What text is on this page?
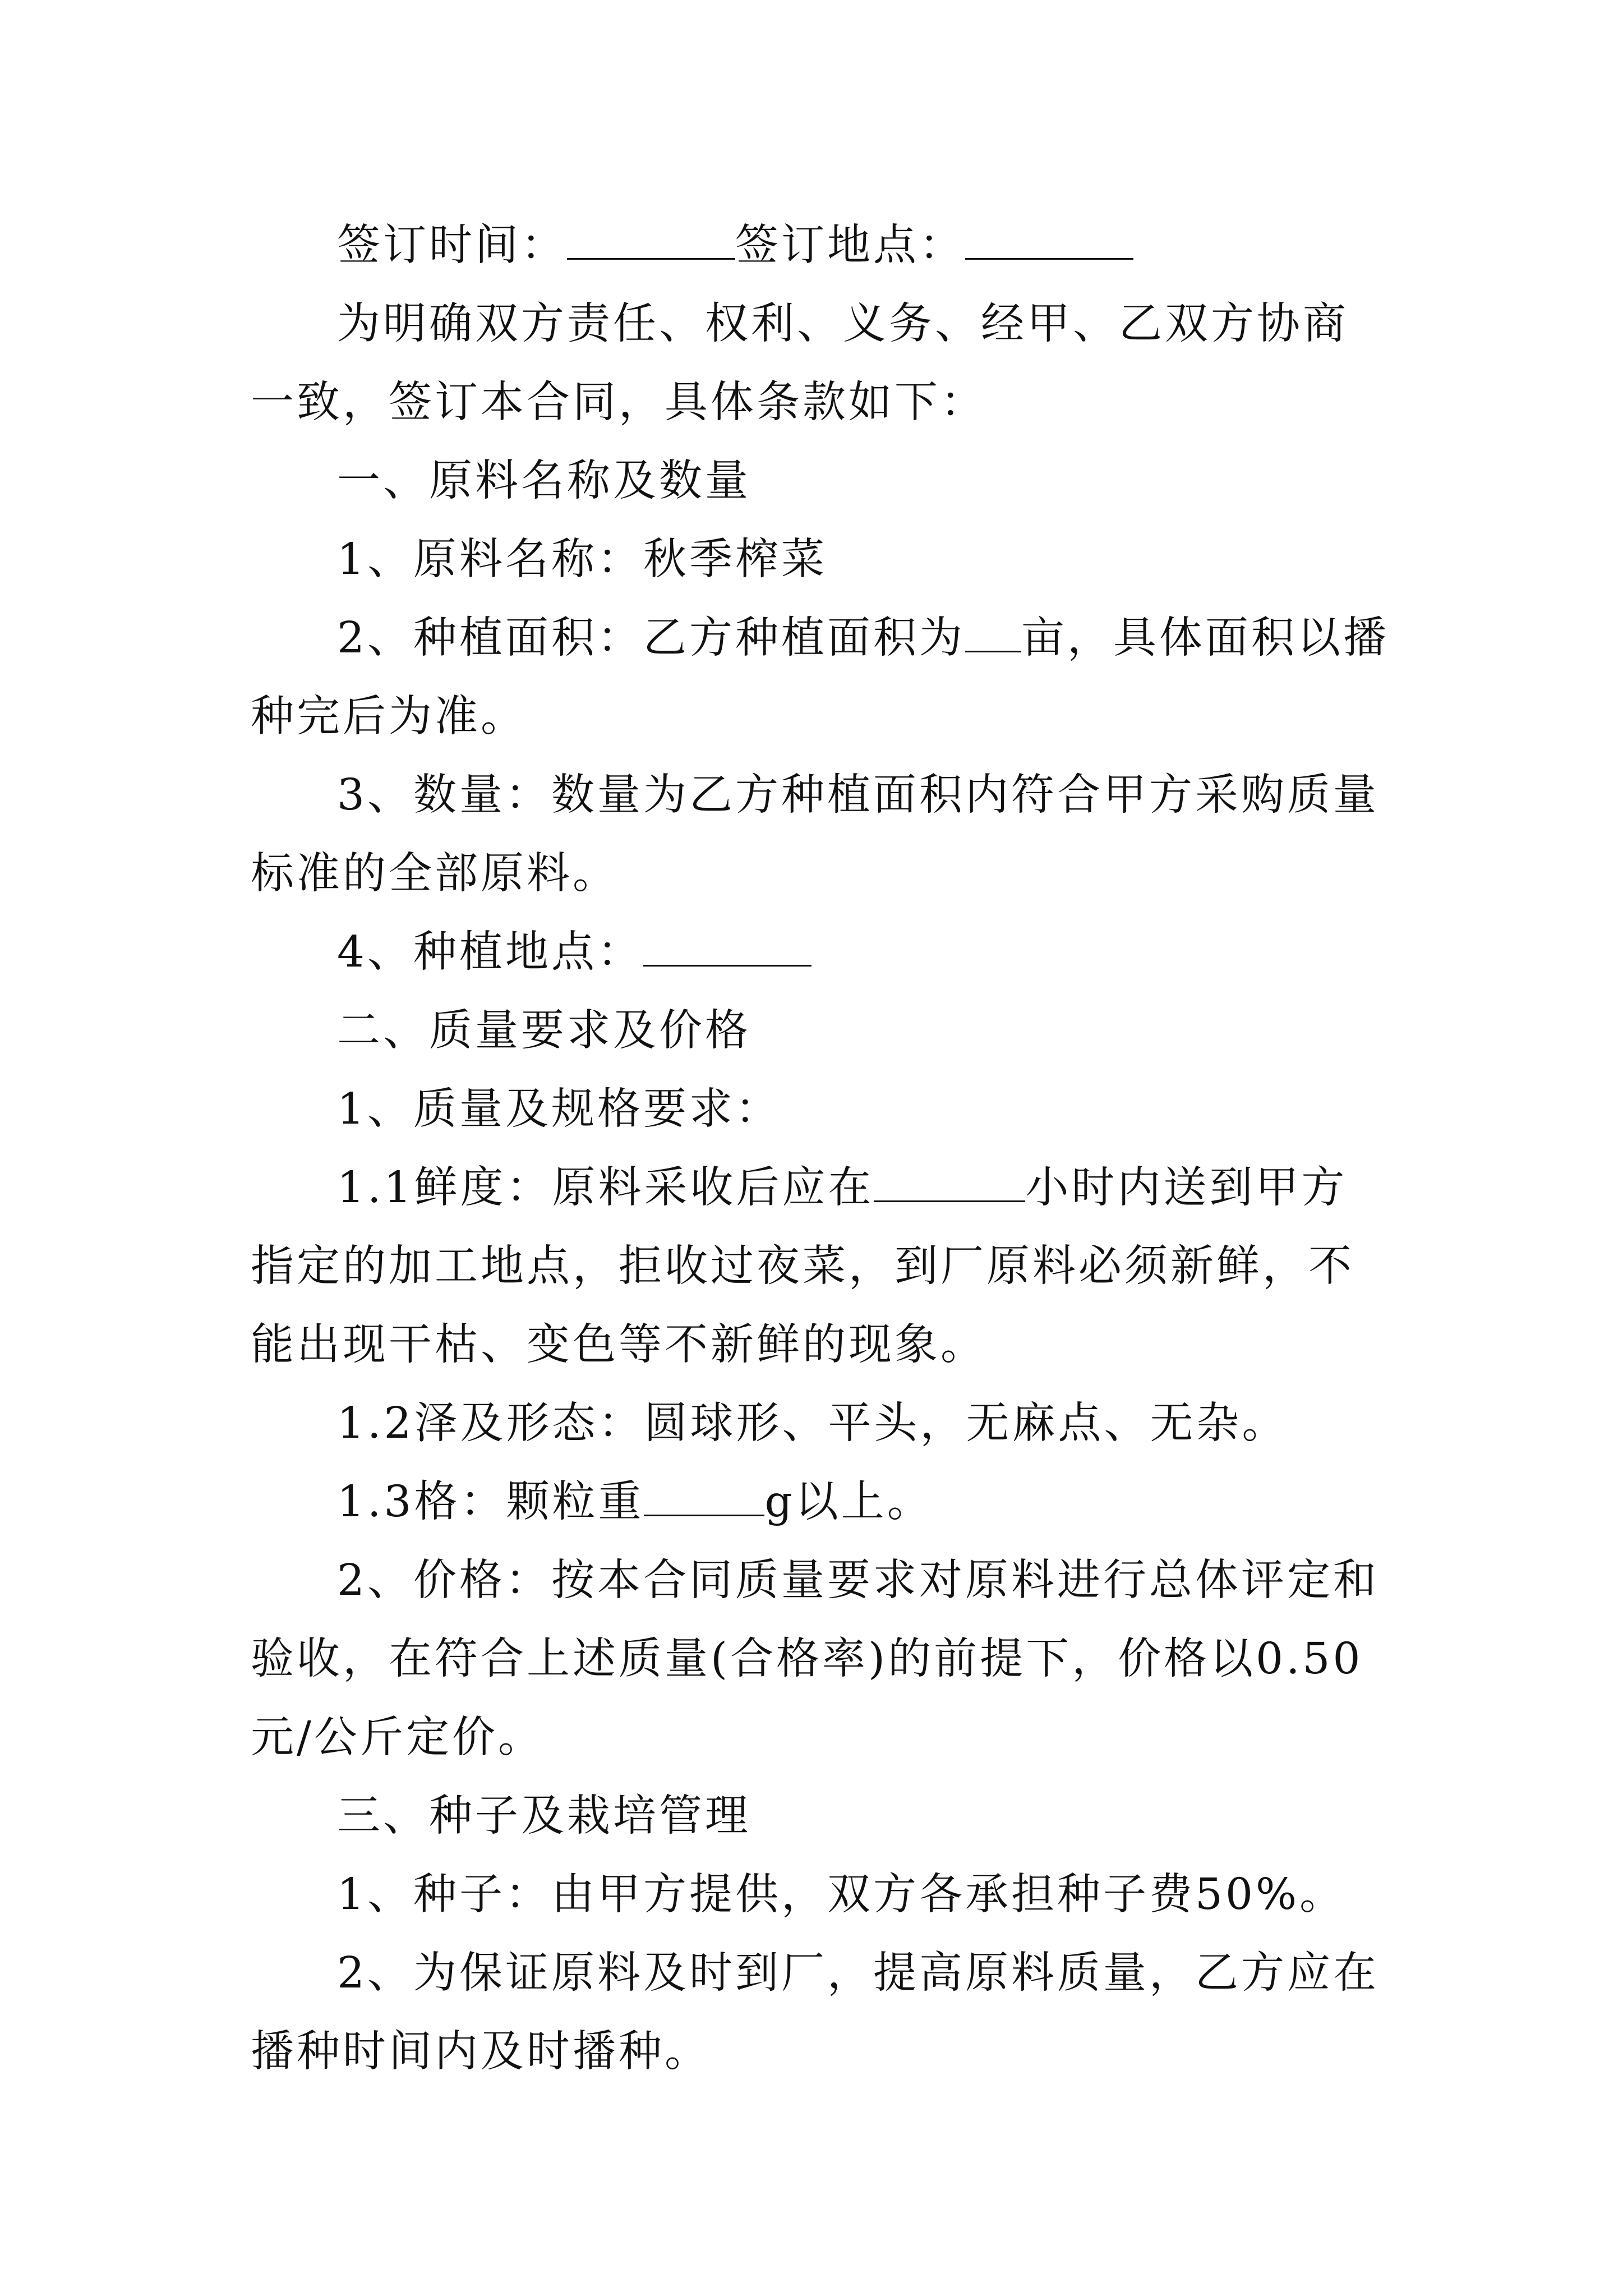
签订时间：	签订地点：

为明确双方责任、权利、义务、经甲、乙双方协商一致，签订本合同，具体条款如下：

一、原料名称及数量

1、原料名称：秋季榨菜

2、种植面积：乙方种植面积为 亩，具体面积以播种完后为准。

3、数量：数量为乙方种植面积内符合甲方采购质量标准的全部原料。

4、种植地点：

二、质量要求及价格

1、质量及规格要求：

1.1鲜度：原料采收后应在	小时内送到甲方指定的加工地点，拒收过夜菜，到厂原料必须新鲜，不能出现干枯、变色等不新鲜的现象。

1.2泽及形态：圆球形、平头，无麻点、无杂。

1.3格：颗粒重	g以上。

2、价格：按本合同质量要求对原料进行总体评定和验收，在符合上述质量(合格率)的前提下，价格以0.50元/公斤定价。

三、种子及栽培管理

1、种子：由甲方提供，双方各承担种子费50%。

2、为保证原料及时到厂，提高原料质量，乙方应在播种时间内及时播种。
